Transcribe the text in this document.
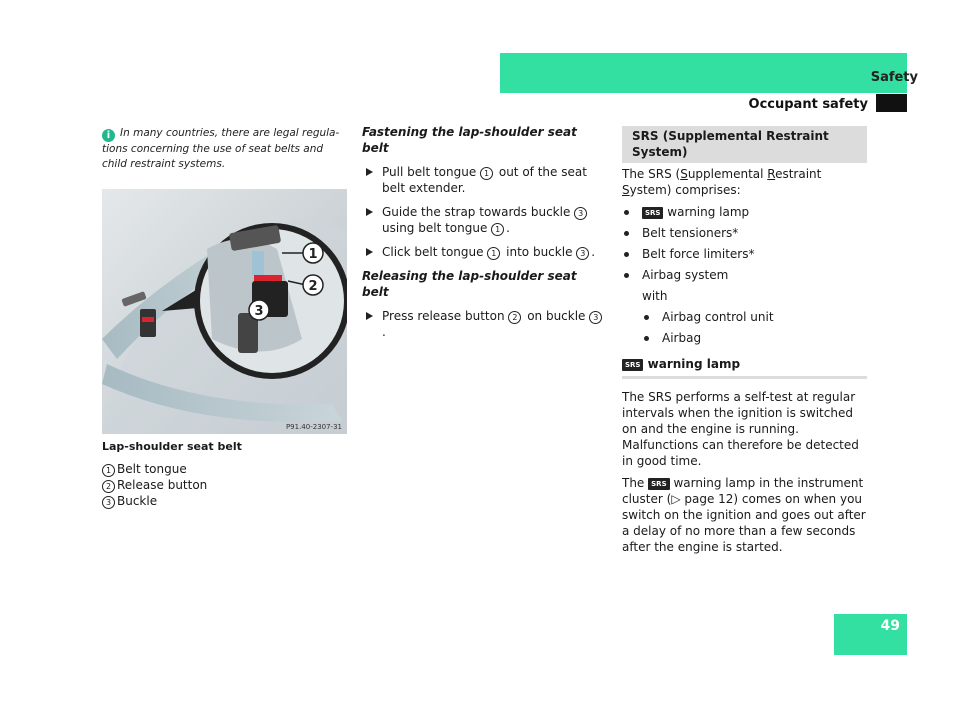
Safety
Occupant safety
49
i In many countries, there are legal regula- tions concerning the use of seat belts and child restraint systems.
1
2
3
P91.40-2307-31
Lap-shoulder seat belt
1 Belt tongue
2 Release button
3 Buckle
Fastening the lap-shoulder seat belt
Pull belt tongue 1 out of the seat belt extender.
Guide the strap towards buckle 3 using belt tongue 1 .
Click belt tongue 1 into buckle 3 .
Releasing the lap-shoulder seat belt
Press release button 2 on buckle 3.
SRS (Supplemental Restraint System)
The SRS (Supplemental Restraint System) comprises:
SRS warning lamp
Belt tensioners*
Belt force limiters*
Airbag system
with
Airbag control unit
Airbag
SRS warning lamp
The SRS performs a self-test at regular intervals when the ignition is switched on and the engine is running. Malfunctions can therefore be detected in good time.
The SRS warning lamp in the instrument cluster (▷ page 12) comes on when you switch on the ignition and goes out after a delay of no more than a few seconds after the engine is started.
